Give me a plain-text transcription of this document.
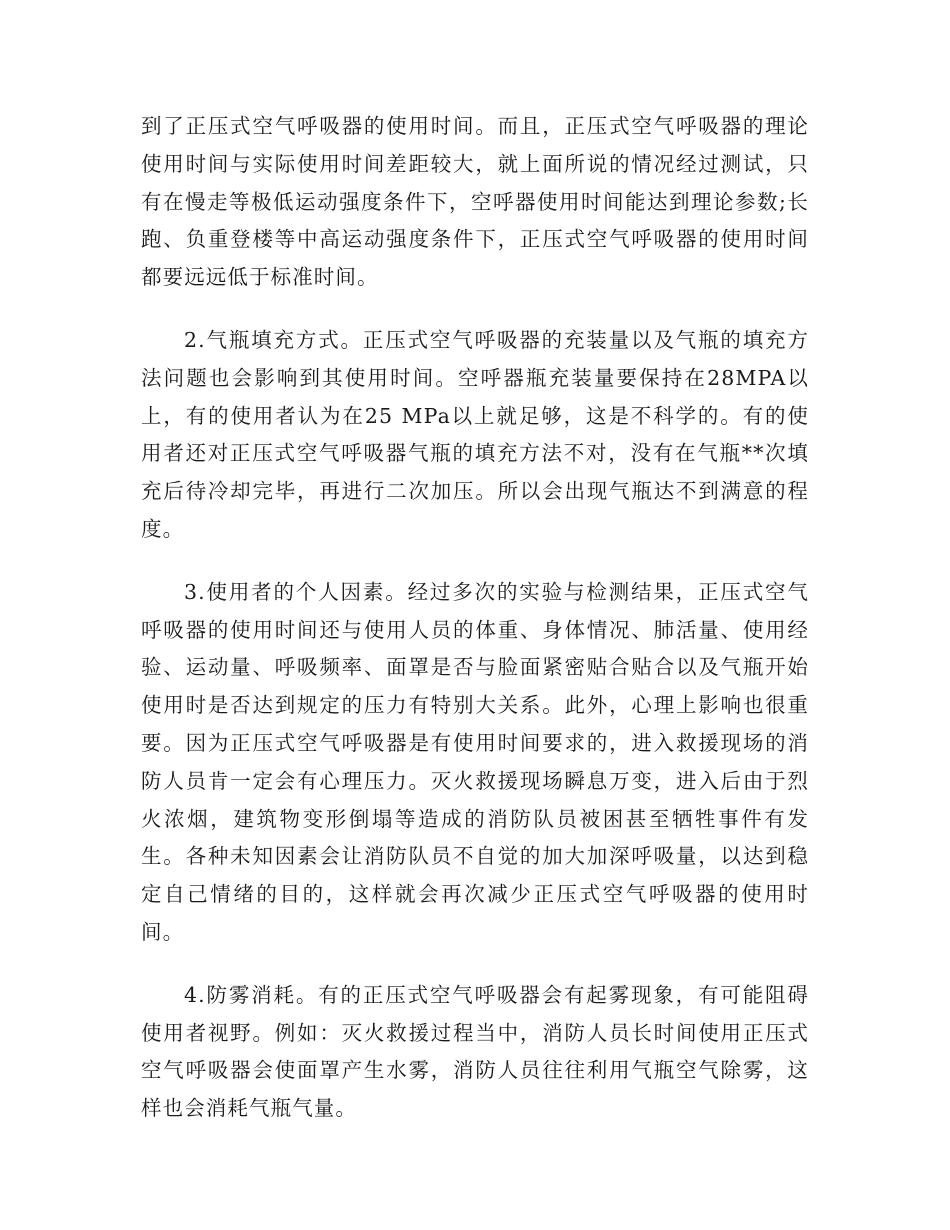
到了正压式空气呼吸器的使用时间。而且，正压式空气呼吸器的理论使用时间与实际使用时间差距较大，就上面所说的情况经过测试，只有在慢走等极低运动强度条件下，空呼器使用时间能达到理论参数;长跑、负重登楼等中高运动强度条件下，正压式空气呼吸器的使用时间都要远远低于标准时间。

2.气瓶填充方式。正压式空气呼吸器的充装量以及气瓶的填充方法问题也会影响到其使用时间。空呼器瓶充装量要保持在28MPA以上，有的使用者认为在25 MPa以上就足够，这是不科学的。有的使用者还对正压式空气呼吸器气瓶的填充方法不对，没有在气瓶**次填充后待冷却完毕，再进行二次加压。所以会出现气瓶达不到满意的程度。

3.使用者的个人因素。经过多次的实验与检测结果，正压式空气呼吸器的使用时间还与使用人员的体重、身体情况、肺活量、使用经验、运动量、呼吸频率、面罩是否与脸面紧密贴合贴合以及气瓶开始使用时是否达到规定的压力有特别大关系。此外，心理上影响也很重要。因为正压式空气呼吸器是有使用时间要求的，进入救援现场的消防人员肯一定会有心理压力。灭火救援现场瞬息万变，进入后由于烈火浓烟，建筑物变形倒塌等造成的消防队员被困甚至牺牲事件有发生。各种未知因素会让消防队员不自觉的加大加深呼吸量，以达到稳定自己情绪的目的，这样就会再次减少正压式空气呼吸器的使用时间。

4.防雾消耗。有的正压式空气呼吸器会有起雾现象，有可能阻碍使用者视野。例如：灭火救援过程当中，消防人员长时间使用正压式空气呼吸器会使面罩产生水雾，消防人员往往利用气瓶空气除雾，这样也会消耗气瓶气量。
